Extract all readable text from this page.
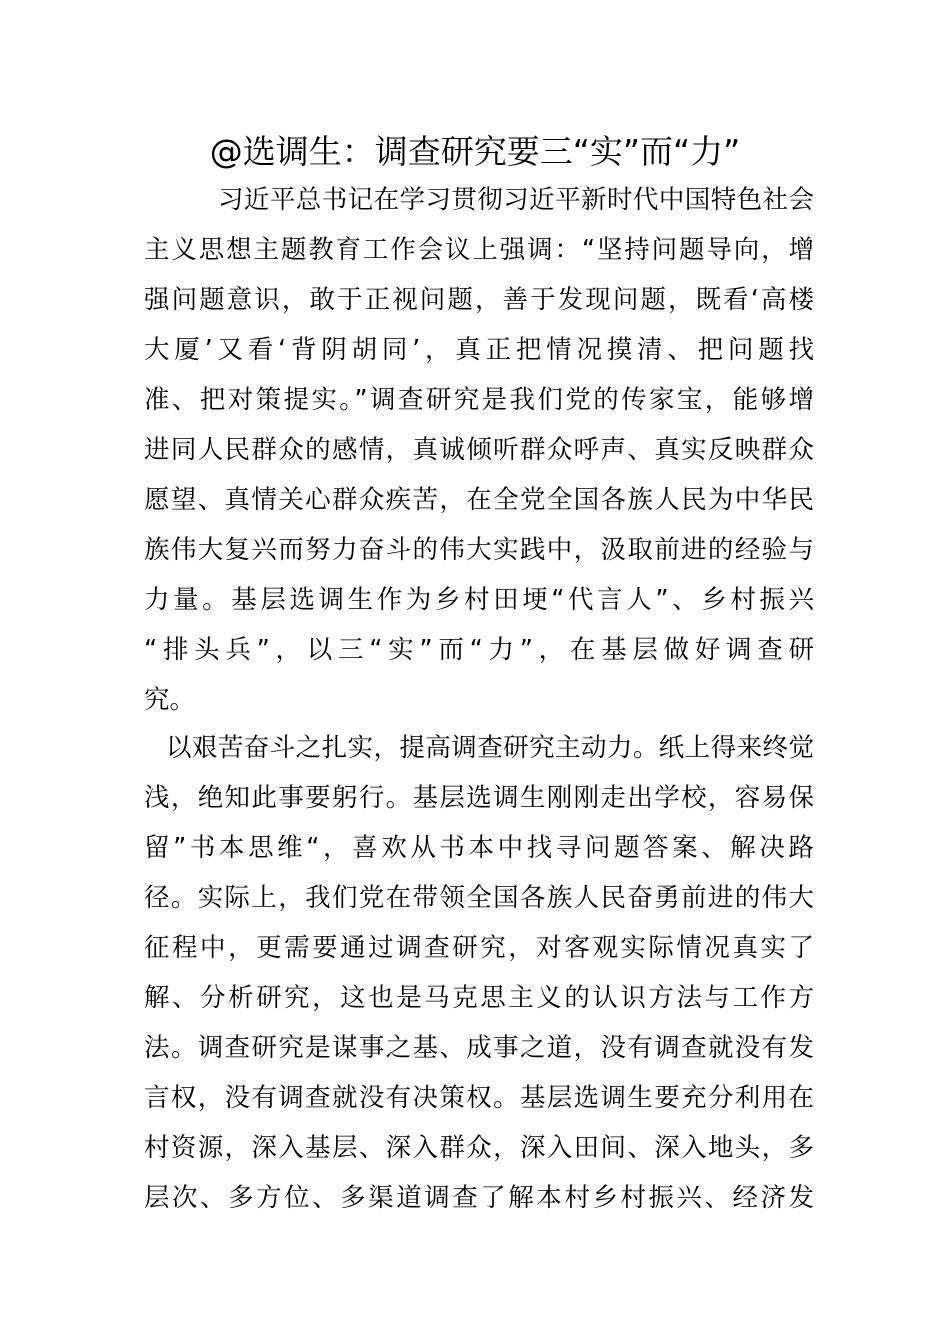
@选调生：调查研究要三“实”而“力”
习近平总书记在学习贯彻习近平新时代中国特色社会
主义思想主题教育工作会议上强调：“坚持问题导向，增
强问题意识，敢于正视问题，善于发现问题，既看‘高楼
大厦’又看‘背阴胡同’，真正把情况摸清、把问题找
准、把对策提实。”调查研究是我们党的传家宝，能够增
进同人民群众的感情，真诚倾听群众呼声、真实反映群众
愿望、真情关心群众疾苦，在全党全国各族人民为中华民
族伟大复兴而努力奋斗的伟大实践中，汲取前进的经验与
力量。基层选调生作为乡村田埂“代言人”、乡村振兴
“排头兵”，以三“实”而“力”，在基层做好调查研
究。
以艰苦奋斗之扎实，提高调查研究主动力。纸上得来终觉
浅，绝知此事要躬行。基层选调生刚刚走出学校，容易保
留”书本思维“，喜欢从书本中找寻问题答案、解决路
径。实际上，我们党在带领全国各族人民奋勇前进的伟大
征程中，更需要通过调查研究，对客观实际情况真实了
解、分析研究，这也是马克思主义的认识方法与工作方
法。调查研究是谋事之基、成事之道，没有调查就没有发
言权，没有调查就没有决策权。基层选调生要充分利用在
村资源，深入基层、深入群众，深入田间、深入地头，多
层次、多方位、多渠道调查了解本村乡村振兴、经济发
